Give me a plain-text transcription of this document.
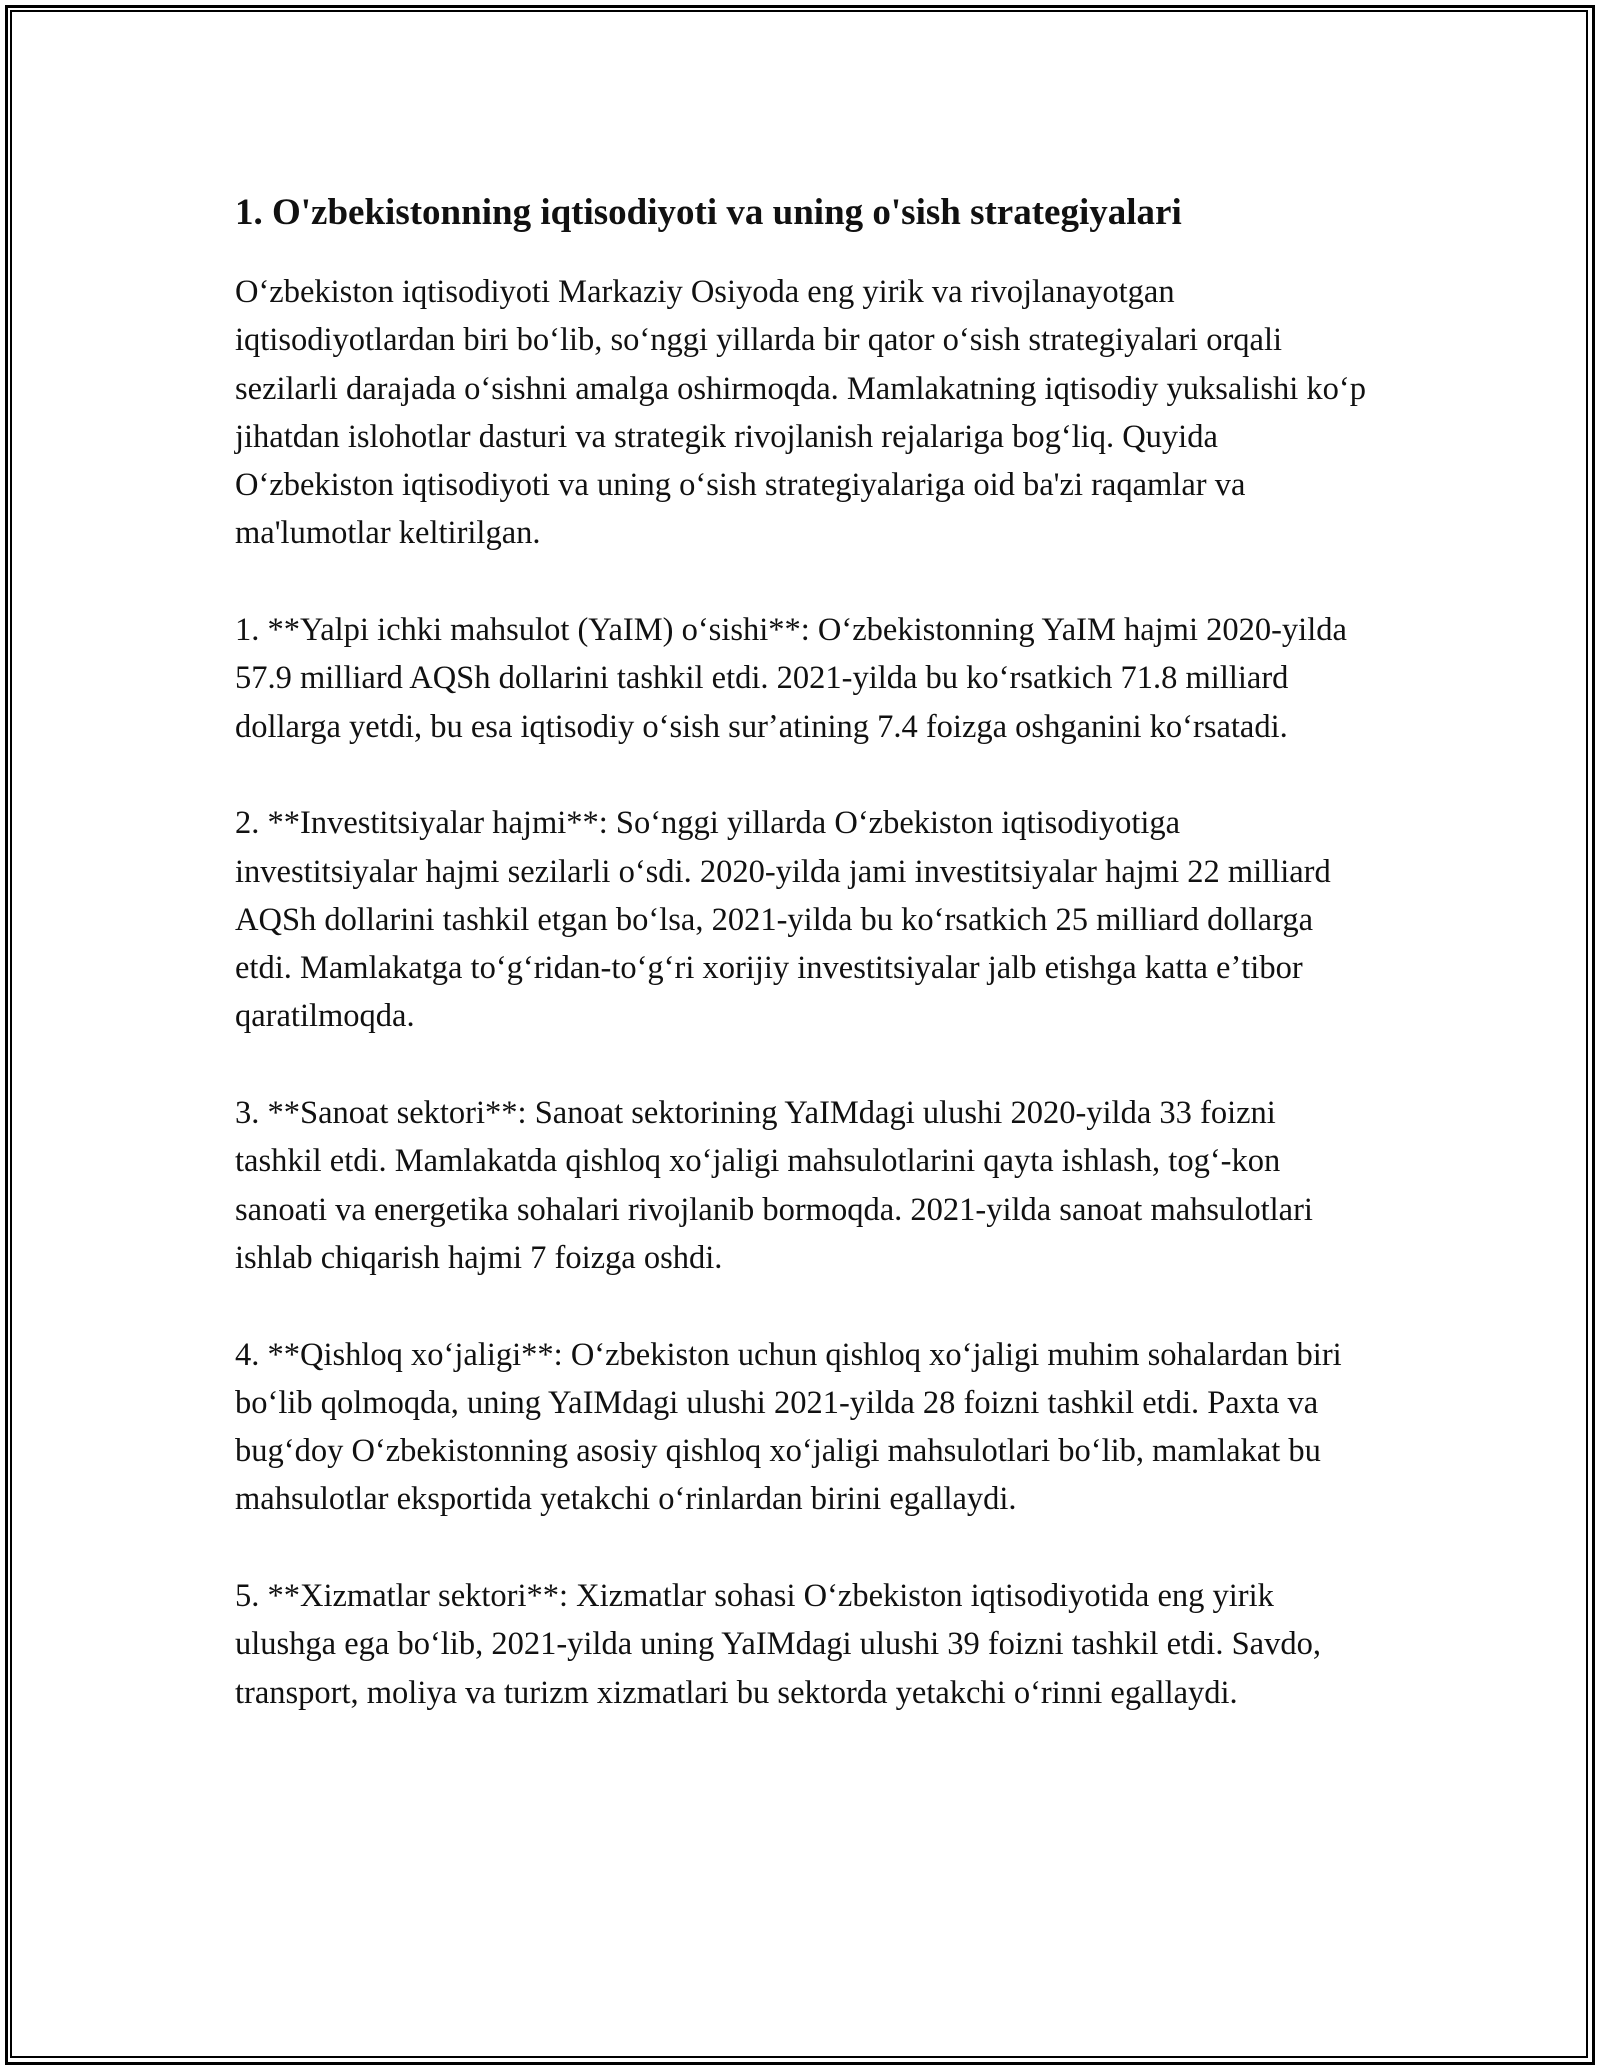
1. O'zbekistonning iqtisodiyoti va uning o'sish strategiyalari

Oʻzbekiston iqtisodiyoti Markaziy Osiyoda eng yirik va rivojlanayotgan iqtisodiyotlardan biri boʻlib, soʻnggi yillarda bir qator oʻsish strategiyalari orqali sezilarli darajada oʻsishni amalga oshirmoqda. Mamlakatning iqtisodiy yuksalishi koʻp jihatdan islohotlar dasturi va strategik rivojlanish rejalariga bogʻliq. Quyida Oʻzbekiston iqtisodiyoti va uning oʻsish strategiyalariga oid ba'zi raqamlar va ma'lumotlar keltirilgan.

1. **Yalpi ichki mahsulot (YaIM) oʻsishi**: Oʻzbekistonning YaIM hajmi 2020-yilda 57.9 milliard AQSh dollarini tashkil etdi. 2021-yilda bu koʻrsatkich 71.8 milliard dollarga yetdi, bu esa iqtisodiy oʻsish surʼatining 7.4 foizga oshganini koʻrsatadi.

2. **Investitsiyalar hajmi**: Soʻnggi yillarda Oʻzbekiston iqtisodiyotiga investitsiyalar hajmi sezilarli oʻsdi. 2020-yilda jami investitsiyalar hajmi 22 milliard AQSh dollarini tashkil etgan boʻlsa, 2021-yilda bu koʻrsatkich 25 milliard dollarga etdi. Mamlakatga toʻgʻridan-toʻgʻri xorijiy investitsiyalar jalb etishga katta eʼtibor qaratilmoqda.

3. **Sanoat sektori**: Sanoat sektorining YaIMdagi ulushi 2020-yilda 33 foizni tashkil etdi. Mamlakatda qishloq xoʻjaligi mahsulotlarini qayta ishlash, togʻ-kon sanoati va energetika sohalari rivojlanib bormoqda. 2021-yilda sanoat mahsulotlari ishlab chiqarish hajmi 7 foizga oshdi.

4. **Qishloq xoʻjaligi**: Oʻzbekiston uchun qishloq xoʻjaligi muhim sohalardan biri boʻlib qolmoqda, uning YaIMdagi ulushi 2021-yilda 28 foizni tashkil etdi. Paxta va bugʻdoy Oʻzbekistonning asosiy qishloq xoʻjaligi mahsulotlari boʻlib, mamlakat bu mahsulotlar eksportida yetakchi oʻrinlardan birini egallaydi.

5. **Xizmatlar sektori**: Xizmatlar sohasi Oʻzbekiston iqtisodiyotida eng yirik ulushga ega boʻlib, 2021-yilda uning YaIMdagi ulushi 39 foizni tashkil etdi. Savdo, transport, moliya va turizm xizmatlari bu sektorda yetakchi oʻrinni egallaydi.
